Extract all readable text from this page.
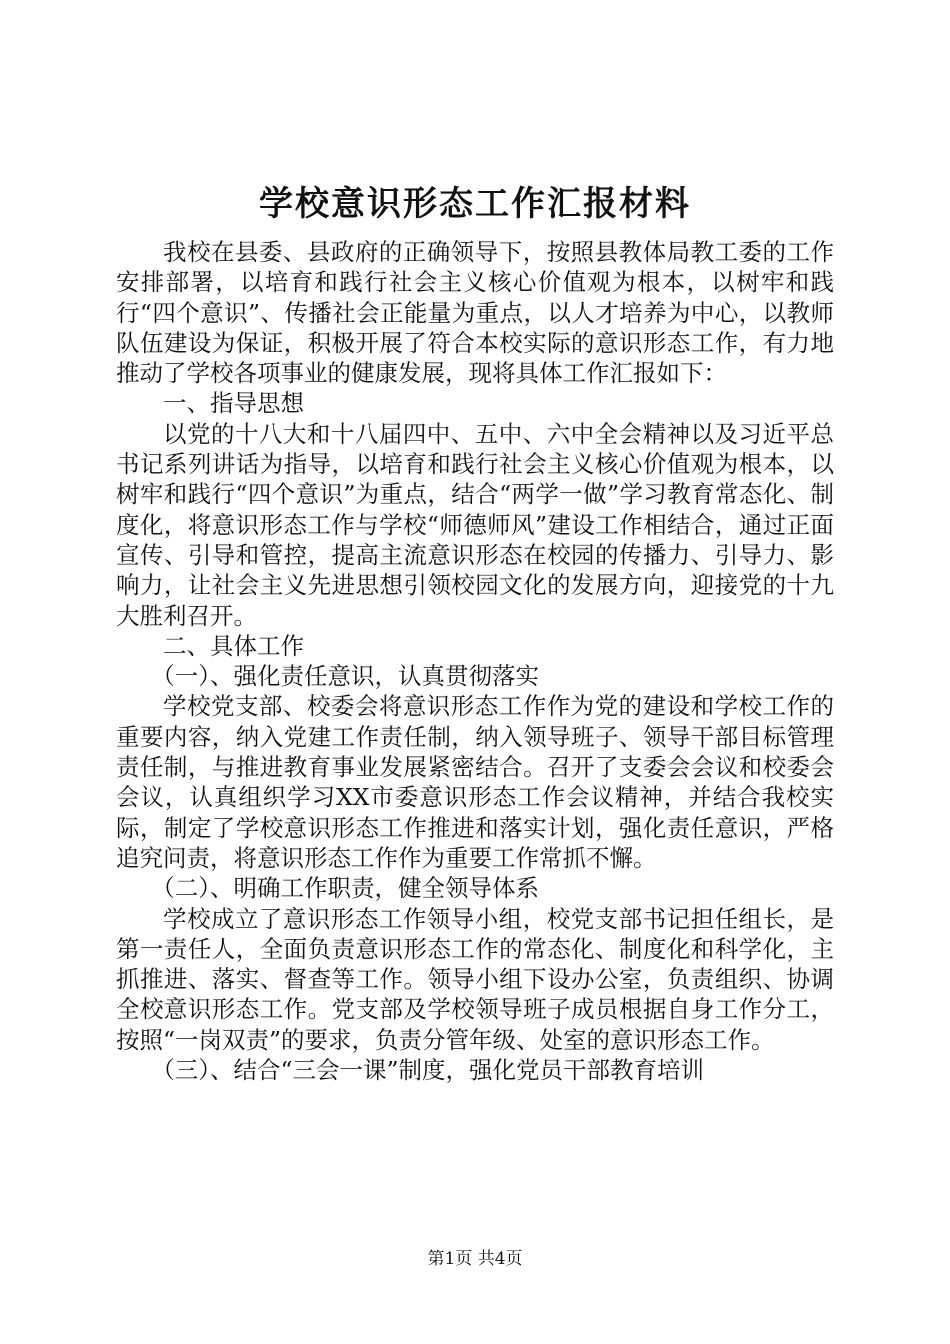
学校意识形态工作汇报材料

我校在县委、县政府的正确领导下，按照县教体局教工委的工作安排部署，以培育和践行社会主义核心价值观为根本，以树牢和践行“四个意识”、传播社会正能量为重点，以人才培养为中心，以教师队伍建设为保证，积极开展了符合本校实际的意识形态工作，有力地推动了学校各项事业的健康发展，现将具体工作汇报如下：

一、指导思想

以党的十八大和十八届四中、五中、六中全会精神以及习近平总书记系列讲话为指导，以培育和践行社会主义核心价值观为根本，以树牢和践行“四个意识”为重点，结合“两学一做”学习教育常态化、制度化，将意识形态工作与学校“师德师风”建设工作相结合，通过正面宣传、引导和管控，提高主流意识形态在校园的传播力、引导力、影响力，让社会主义先进思想引领校园文化的发展方向，迎接党的十九大胜利召开。

二、具体工作

（一）、强化责任意识，认真贯彻落实

学校党支部、校委会将意识形态工作作为党的建设和学校工作的重要内容，纳入党建工作责任制，纳入领导班子、领导干部目标管理责任制，与推进教育事业发展紧密结合。召开了支委会会议和校委会会议，认真组织学习XX市委意识形态工作会议精神，并结合我校实际，制定了学校意识形态工作推进和落实计划，强化责任意识，严格追究问责，将意识形态工作作为重要工作常抓不懈。

（二）、明确工作职责，健全领导体系

学校成立了意识形态工作领导小组，校党支部书记担任组长，是第一责任人，全面负责意识形态工作的常态化、制度化和科学化，主抓推进、落实、督查等工作。领导小组下设办公室，负责组织、协调全校意识形态工作。党支部及学校领导班子成员根据自身工作分工，按照“一岗双责”的要求，负责分管年级、处室的意识形态工作。

（三）、结合“三会一课”制度，强化党员干部教育培训

第1页 共4页
